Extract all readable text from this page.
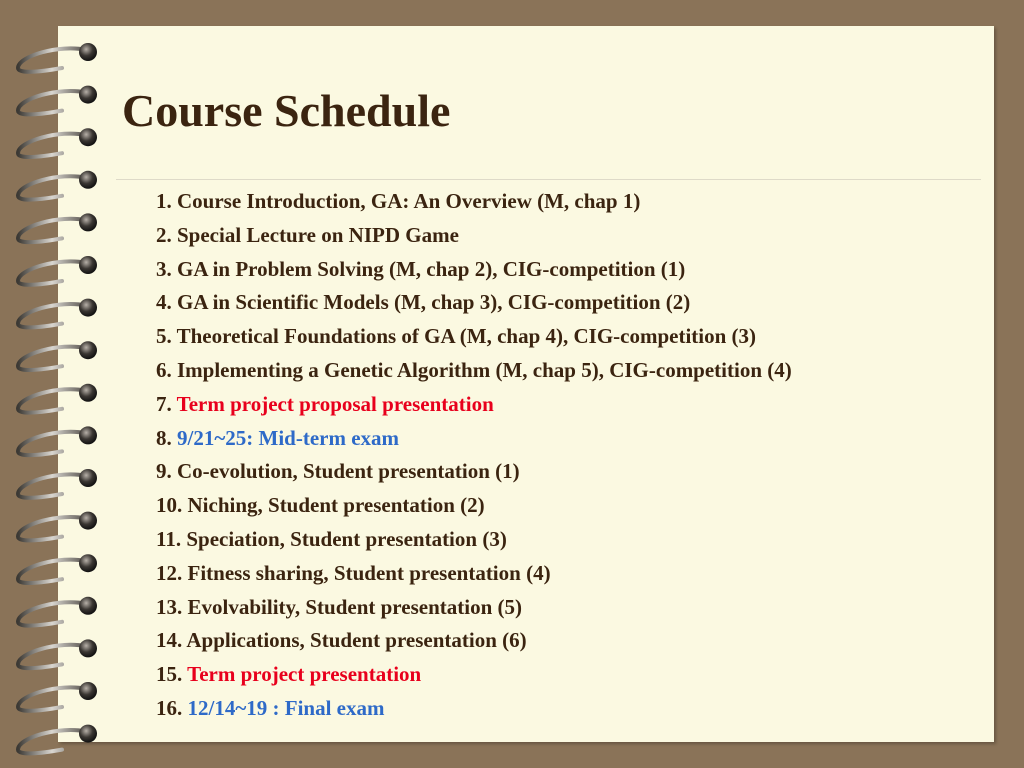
Course Schedule
1. Course Introduction, GA: An Overview (M, chap 1)
2. Special Lecture on NIPD Game
3. GA in Problem Solving (M, chap 2), CIG-competition (1)
4. GA in Scientific Models (M, chap 3), CIG-competition (2)
5. Theoretical Foundations of GA (M, chap 4), CIG-competition (3)
6. Implementing a Genetic Algorithm (M, chap 5), CIG-competition (4)
7. Term project proposal presentation
8. 9/21~25: Mid-term exam
9. Co-evolution, Student presentation (1)
10. Niching, Student presentation (2)
11. Speciation, Student presentation (3)
12. Fitness sharing, Student presentation (4)
13. Evolvability, Student presentation (5)
14. Applications, Student presentation (6)
15. Term project presentation
16. 12/14~19 : Final exam
